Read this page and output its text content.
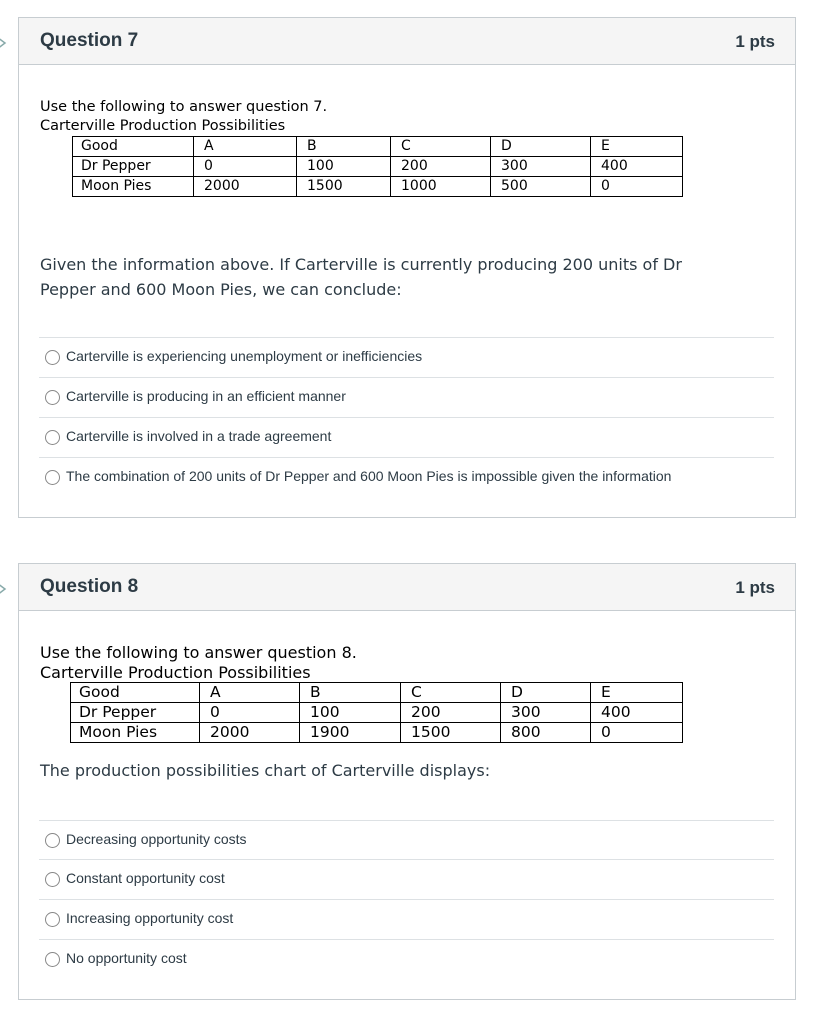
Question 7	1 pts
Use the following to answer question 7.
Carterville Production Possibilities
Good	A	B	C	D	E
Dr Pepper	0	100	200	300	400
Moon Pies	2000	1500	1000	500	0
Given the information above. If Carterville is currently producing 200 units of Dr Pepper and 600 Moon Pies, we can conclude:
Carterville is experiencing unemployment or inefficiencies
Carterville is producing in an efficient manner
Carterville is involved in a trade agreement
The combination of 200 units of Dr Pepper and 600 Moon Pies is impossible given the information
Question 8	1 pts
Use the following to answer question 8.
Carterville Production Possibilities
Good	A	B	C	D	E
Dr Pepper	0	100	200	300	400
Moon Pies	2000	1900	1500	800	0
The production possibilities chart of Carterville displays:
Decreasing opportunity costs
Constant opportunity cost
Increasing opportunity cost
No opportunity cost
